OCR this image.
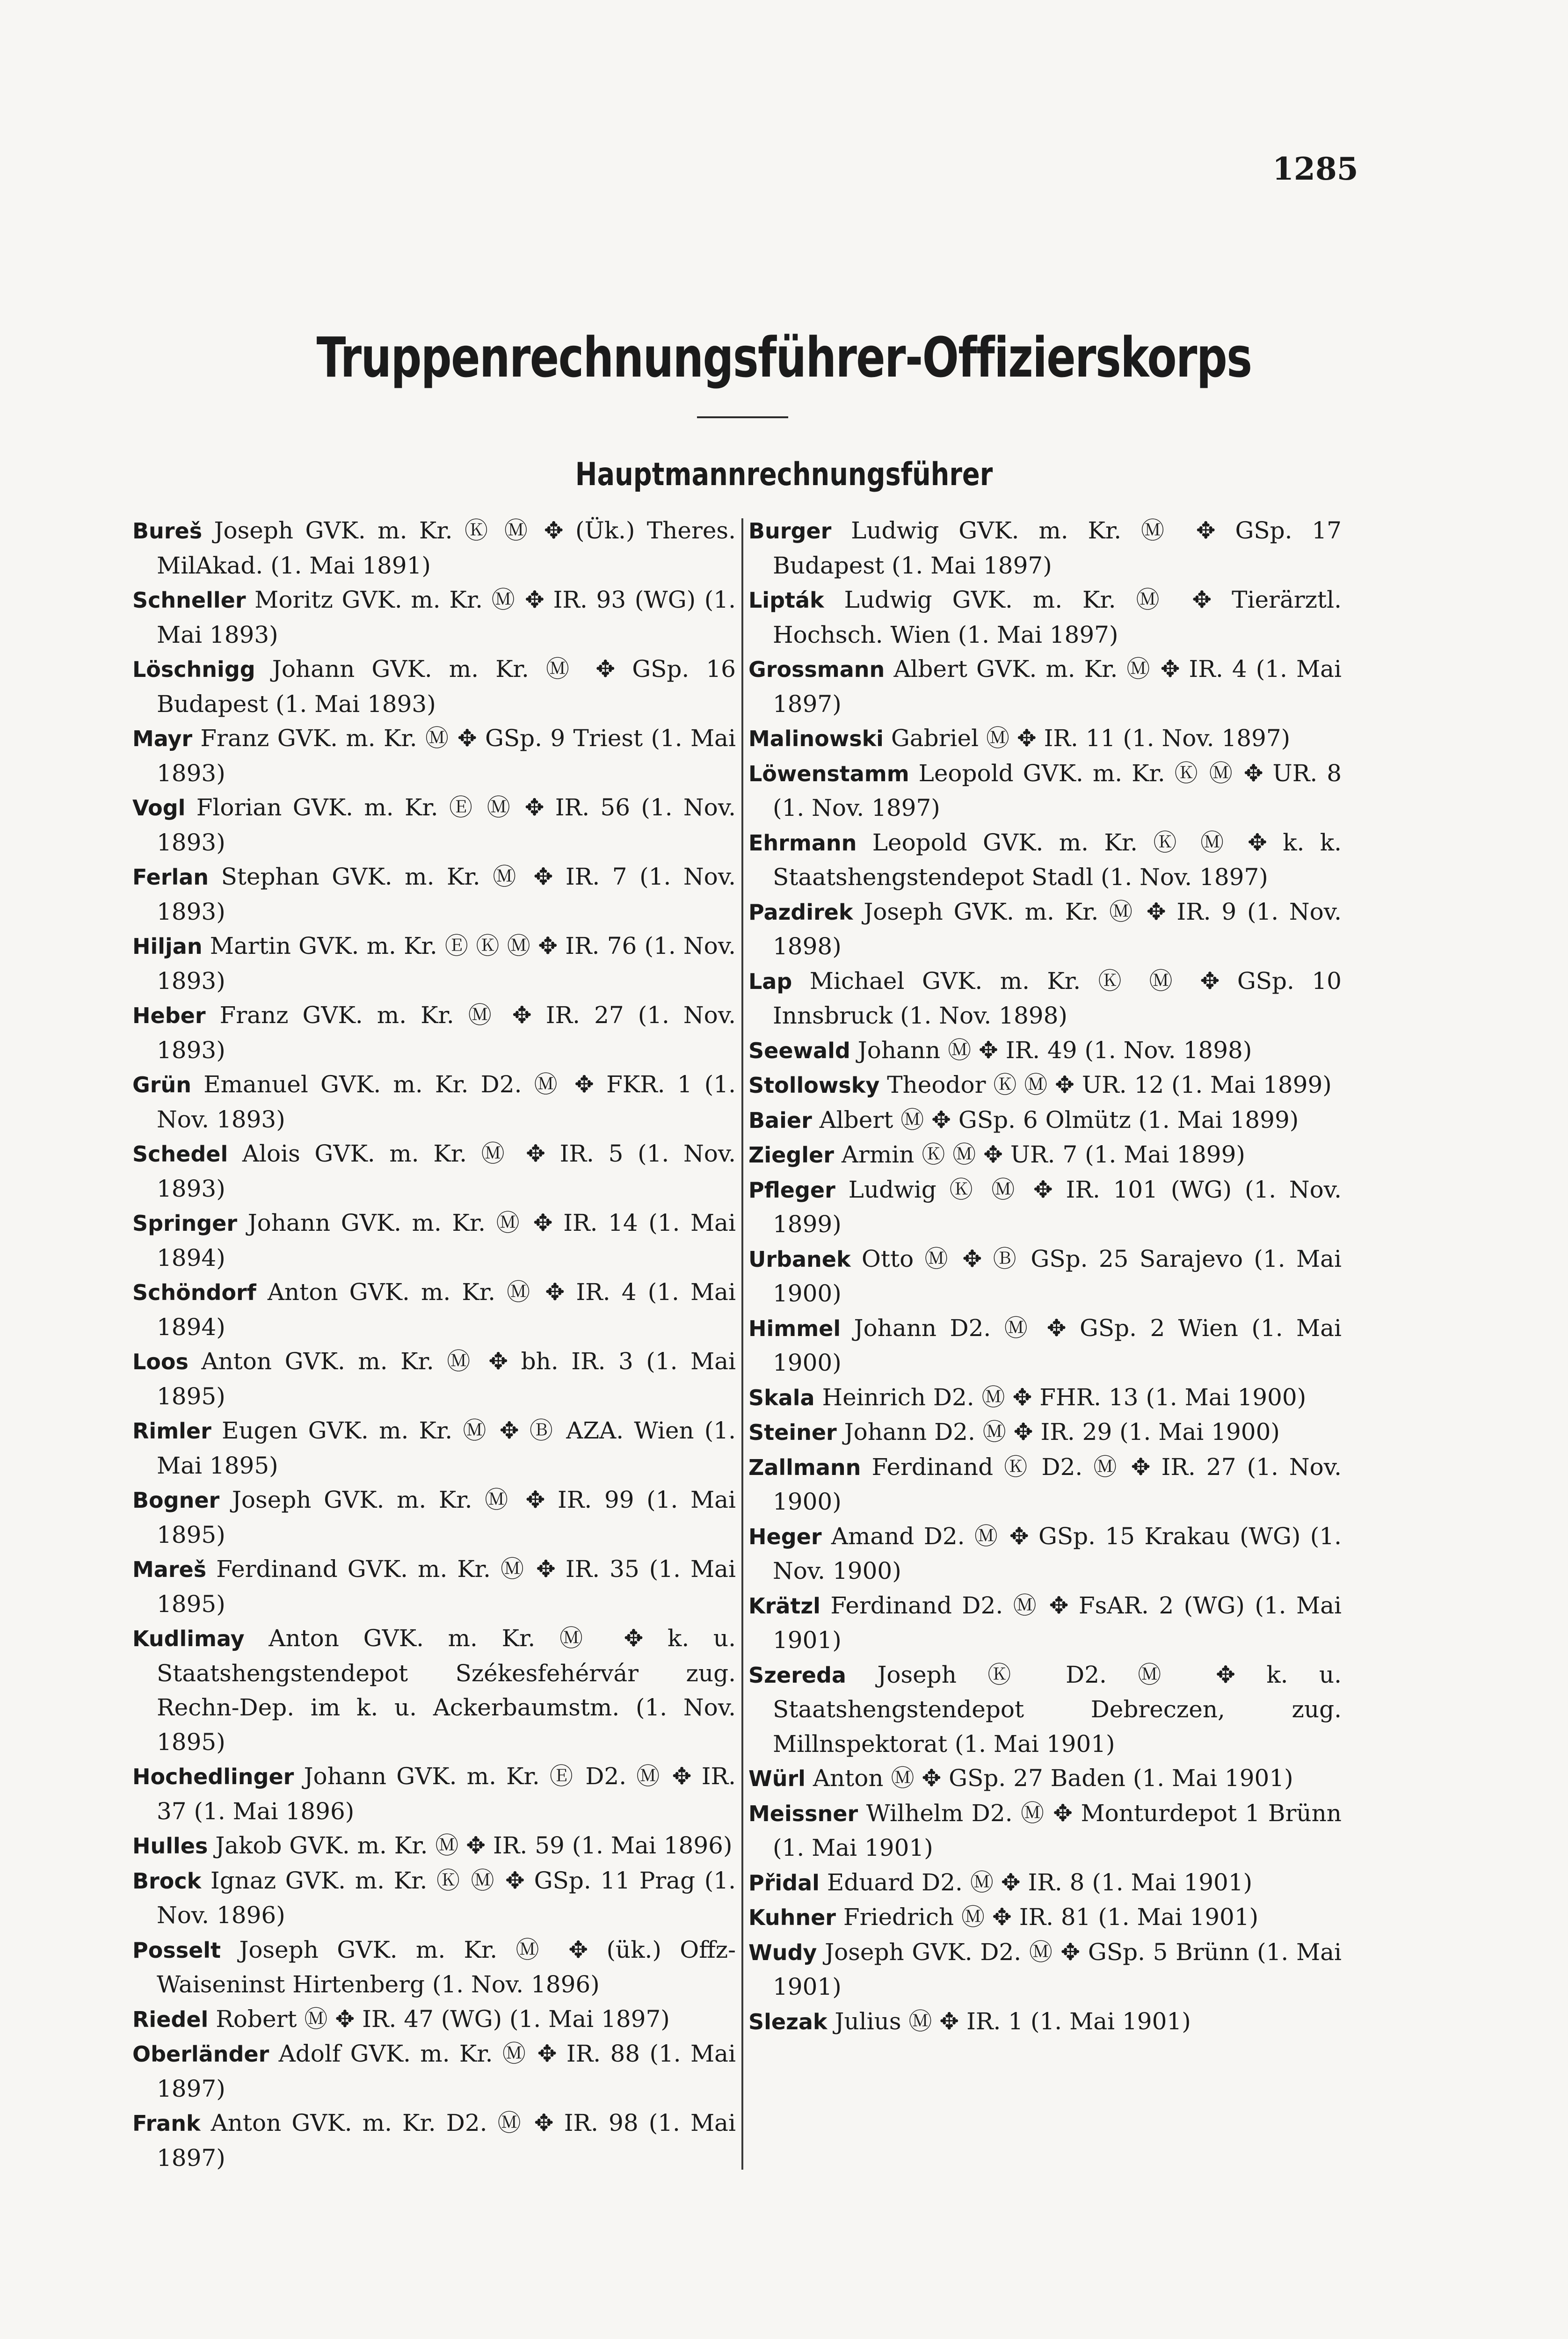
1285
Truppenrechnungsführer-Offizierskorps
Hauptmannrechnungsführer
Bureš Joseph GVK. m. Kr. Ⓚ Ⓜ ✥ (Ük.) Theres. MilAkad. (1. Mai 1891)
Schneller Moritz GVK. m. Kr. Ⓜ ✥ IR. 93 (WG) (1. Mai 1893)
Löschnigg Johann GVK. m. Kr. Ⓜ ✥ GSp. 16 Budapest (1. Mai 1893)
Mayr Franz GVK. m. Kr. Ⓜ ✥ GSp. 9 Triest (1. Mai 1893)
Vogl Florian GVK. m. Kr. Ⓔ Ⓜ ✥ IR. 56 (1. Nov. 1893)
Ferlan Stephan GVK. m. Kr. Ⓜ ✥ IR. 7 (1. Nov. 1893)
Hiljan Martin GVK. m. Kr. Ⓔ Ⓚ Ⓜ ✥ IR. 76 (1. Nov. 1893)
Heber Franz GVK. m. Kr. Ⓜ ✥ IR. 27 (1. Nov. 1893)
Grün Emanuel GVK. m. Kr. D2. Ⓜ ✥ FKR. 1 (1. Nov. 1893)
Schedel Alois GVK. m. Kr. Ⓜ ✥ IR. 5 (1. Nov. 1893)
Springer Johann GVK. m. Kr. Ⓜ ✥ IR. 14 (1. Mai 1894)
Schöndorf Anton GVK. m. Kr. Ⓜ ✥ IR. 4 (1. Mai 1894)
Loos Anton GVK. m. Kr. Ⓜ ✥ bh. IR. 3 (1. Mai 1895)
Rimler Eugen GVK. m. Kr. Ⓜ ✥ Ⓑ AZA. Wien (1. Mai 1895)
Bogner Joseph GVK. m. Kr. Ⓜ ✥ IR. 99 (1. Mai 1895)
Mareš Ferdinand GVK. m. Kr. Ⓜ ✥ IR. 35 (1. Mai 1895)
Kudlimay Anton GVK. m. Kr. Ⓜ ✥ k. u. Staatshengstendepot Székesfehérvár zug. Rechn-Dep. im k. u. Ackerbaumstm. (1. Nov. 1895)
Hochedlinger Johann GVK. m. Kr. Ⓔ D2. Ⓜ ✥ IR. 37 (1. Mai 1896)
Hulles Jakob GVK. m. Kr. Ⓜ ✥ IR. 59 (1. Mai 1896)
Brock Ignaz GVK. m. Kr. Ⓚ Ⓜ ✥ GSp. 11 Prag (1. Nov. 1896)
Posselt Joseph GVK. m. Kr. Ⓜ ✥ (ük.) Offz-Waiseninst Hirtenberg (1. Nov. 1896)
Riedel Robert Ⓜ ✥ IR. 47 (WG) (1. Mai 1897)
Oberländer Adolf GVK. m. Kr. Ⓜ ✥ IR. 88 (1. Mai 1897)
Frank Anton GVK. m. Kr. D2. Ⓜ ✥ IR. 98 (1. Mai 1897)
Burger Ludwig GVK. m. Kr. Ⓜ ✥ GSp. 17 Budapest (1. Mai 1897)
Lipták Ludwig GVK. m. Kr. Ⓜ ✥ Tierärztl. Hochsch. Wien (1. Mai 1897)
Grossmann Albert GVK. m. Kr. Ⓜ ✥ IR. 4 (1. Mai 1897)
Malinowski Gabriel Ⓜ ✥ IR. 11 (1. Nov. 1897)
Löwenstamm Leopold GVK. m. Kr. Ⓚ Ⓜ ✥ UR. 8 (1. Nov. 1897)
Ehrmann Leopold GVK. m. Kr. Ⓚ Ⓜ ✥ k. k. Staatshengstendepot Stadl (1. Nov. 1897)
Pazdirek Joseph GVK. m. Kr. Ⓜ ✥ IR. 9 (1. Nov. 1898)
Lap Michael GVK. m. Kr. Ⓚ Ⓜ ✥ GSp. 10 Innsbruck (1. Nov. 1898)
Seewald Johann Ⓜ ✥ IR. 49 (1. Nov. 1898)
Stollowsky Theodor Ⓚ Ⓜ ✥ UR. 12 (1. Mai 1899)
Baier Albert Ⓜ ✥ GSp. 6 Olmütz (1. Mai 1899)
Ziegler Armin Ⓚ Ⓜ ✥ UR. 7 (1. Mai 1899)
Pfleger Ludwig Ⓚ Ⓜ ✥ IR. 101 (WG) (1. Nov. 1899)
Urbanek Otto Ⓜ ✥ Ⓑ GSp. 25 Sarajevo (1. Mai 1900)
Himmel Johann D2. Ⓜ ✥ GSp. 2 Wien (1. Mai 1900)
Skala Heinrich D2. Ⓜ ✥ FHR. 13 (1. Mai 1900)
Steiner Johann D2. Ⓜ ✥ IR. 29 (1. Mai 1900)
Zallmann Ferdinand Ⓚ D2. Ⓜ ✥ IR. 27 (1. Nov. 1900)
Heger Amand D2. Ⓜ ✥ GSp. 15 Krakau (WG) (1. Nov. 1900)
Krätzl Ferdinand D2. Ⓜ ✥ FsAR. 2 (WG) (1. Mai 1901)
Szereda Joseph Ⓚ D2. Ⓜ ✥ k. u. Staatshengstendepot Debreczen, zug. Millnspektorat (1. Mai 1901)
Würl Anton Ⓜ ✥ GSp. 27 Baden (1. Mai 1901)
Meissner Wilhelm D2. Ⓜ ✥ Monturdepot 1 Brünn (1. Mai 1901)
Přidal Eduard D2. Ⓜ ✥ IR. 8 (1. Mai 1901)
Kuhner Friedrich Ⓜ ✥ IR. 81 (1. Mai 1901)
Wudy Joseph GVK. D2. Ⓜ ✥ GSp. 5 Brünn (1. Mai 1901)
Slezak Julius Ⓜ ✥ IR. 1 (1. Mai 1901)
